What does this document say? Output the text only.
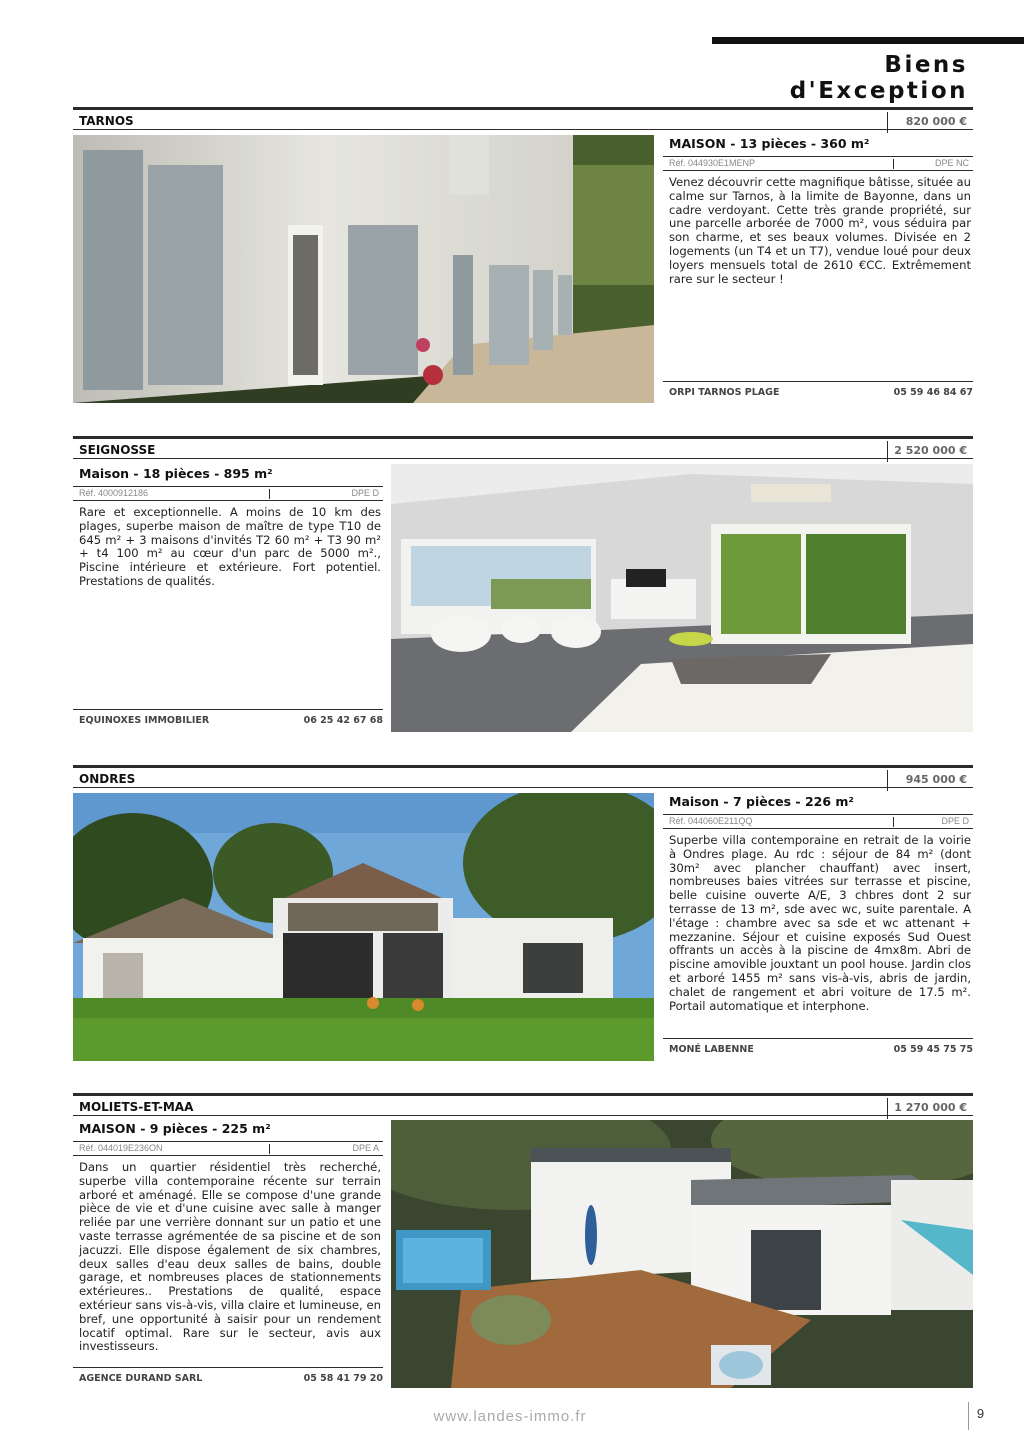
Biens d'Exception
TARNOS	820 000 €
MAISON - 13 pièces - 360 m²
Réf. 044930E1MENP	DPE NC

Venez découvrir cette magnifique bâtisse, située au calme sur Tarnos, à la limite de Bayonne, dans un cadre verdoyant. Cette très grande propriété, sur une parcelle arborée de 7000 m², vous séduira par son charme, et ses beaux volumes. Divisée en 2 logements (un T4 et un T7), vendue loué pour deux loyers mensuels total de 2610 €CC. Extrêmement rare sur le secteur !

ORPI TARNOS PLAGE	05 59 46 84 67
SEIGNOSSE	2 520 000 €
Maison - 18 pièces - 895 m²
Réf. 4000912186	DPE D

Rare et exceptionnelle. A moins de 10 km des plages, superbe maison de maître de type T10 de 645 m² + 3 maisons d'invités T2 60 m² + T3 90 m² + t4 100 m² au cœur d'un parc de 5000 m²., Piscine intérieure et extérieure. Fort potentiel. Prestations de qualités.

EQUINOXES IMMOBILIER	06 25 42 67 68
ONDRES	945 000 €
Maison - 7 pièces - 226 m²
Réf. 044060E211QQ	DPE D

Superbe villa contemporaine en retrait de la voirie à Ondres plage. Au rdc : séjour de 84 m² (dont 30m² avec plancher chauffant) avec insert, nombreuses baies vitrées sur terrasse et piscine, belle cuisine ouverte A/E, 3 chbres dont 2 sur terrasse de 13 m², sde avec wc, suite parentale. A l'étage : chambre avec sa sde et wc attenant + mezzanine. Séjour et cuisine exposés Sud Ouest offrants un accès à la piscine de 4mx8m. Abri de piscine amovible jouxtant un pool house. Jardin clos et arboré 1455 m² sans vis-à-vis, abris de jardin, chalet de rangement et abri voiture de 17.5 m². Portail automatique et interphone.

MONÉ LABENNE	05 59 45 75 75
MOLIETS-ET-MAA	1 270 000 €
MAISON - 9 pièces - 225 m²
Réf. 044019E236ON	DPE A

Dans un quartier résidentiel très recherché, superbe villa contemporaine récente sur terrain arboré et aménagé. Elle se compose d'une grande pièce de vie et d'une cuisine avec salle à manger reliée par une verrière donnant sur un patio et une vaste terrasse agrémentée de sa piscine et de son jacuzzi. Elle dispose également de six chambres, deux salles d'eau deux salles de bains, double garage, et nombreuses places de stationnements extérieures.. Prestations de qualité, espace extérieur sans vis-à-vis, villa claire et lumineuse, en bref, une opportunité à saisir pour un rendement locatif optimal. Rare sur le secteur, avis aux investisseurs.

AGENCE DURAND SARL	05 58 41 79 20
www.landes-immo.fr	9
